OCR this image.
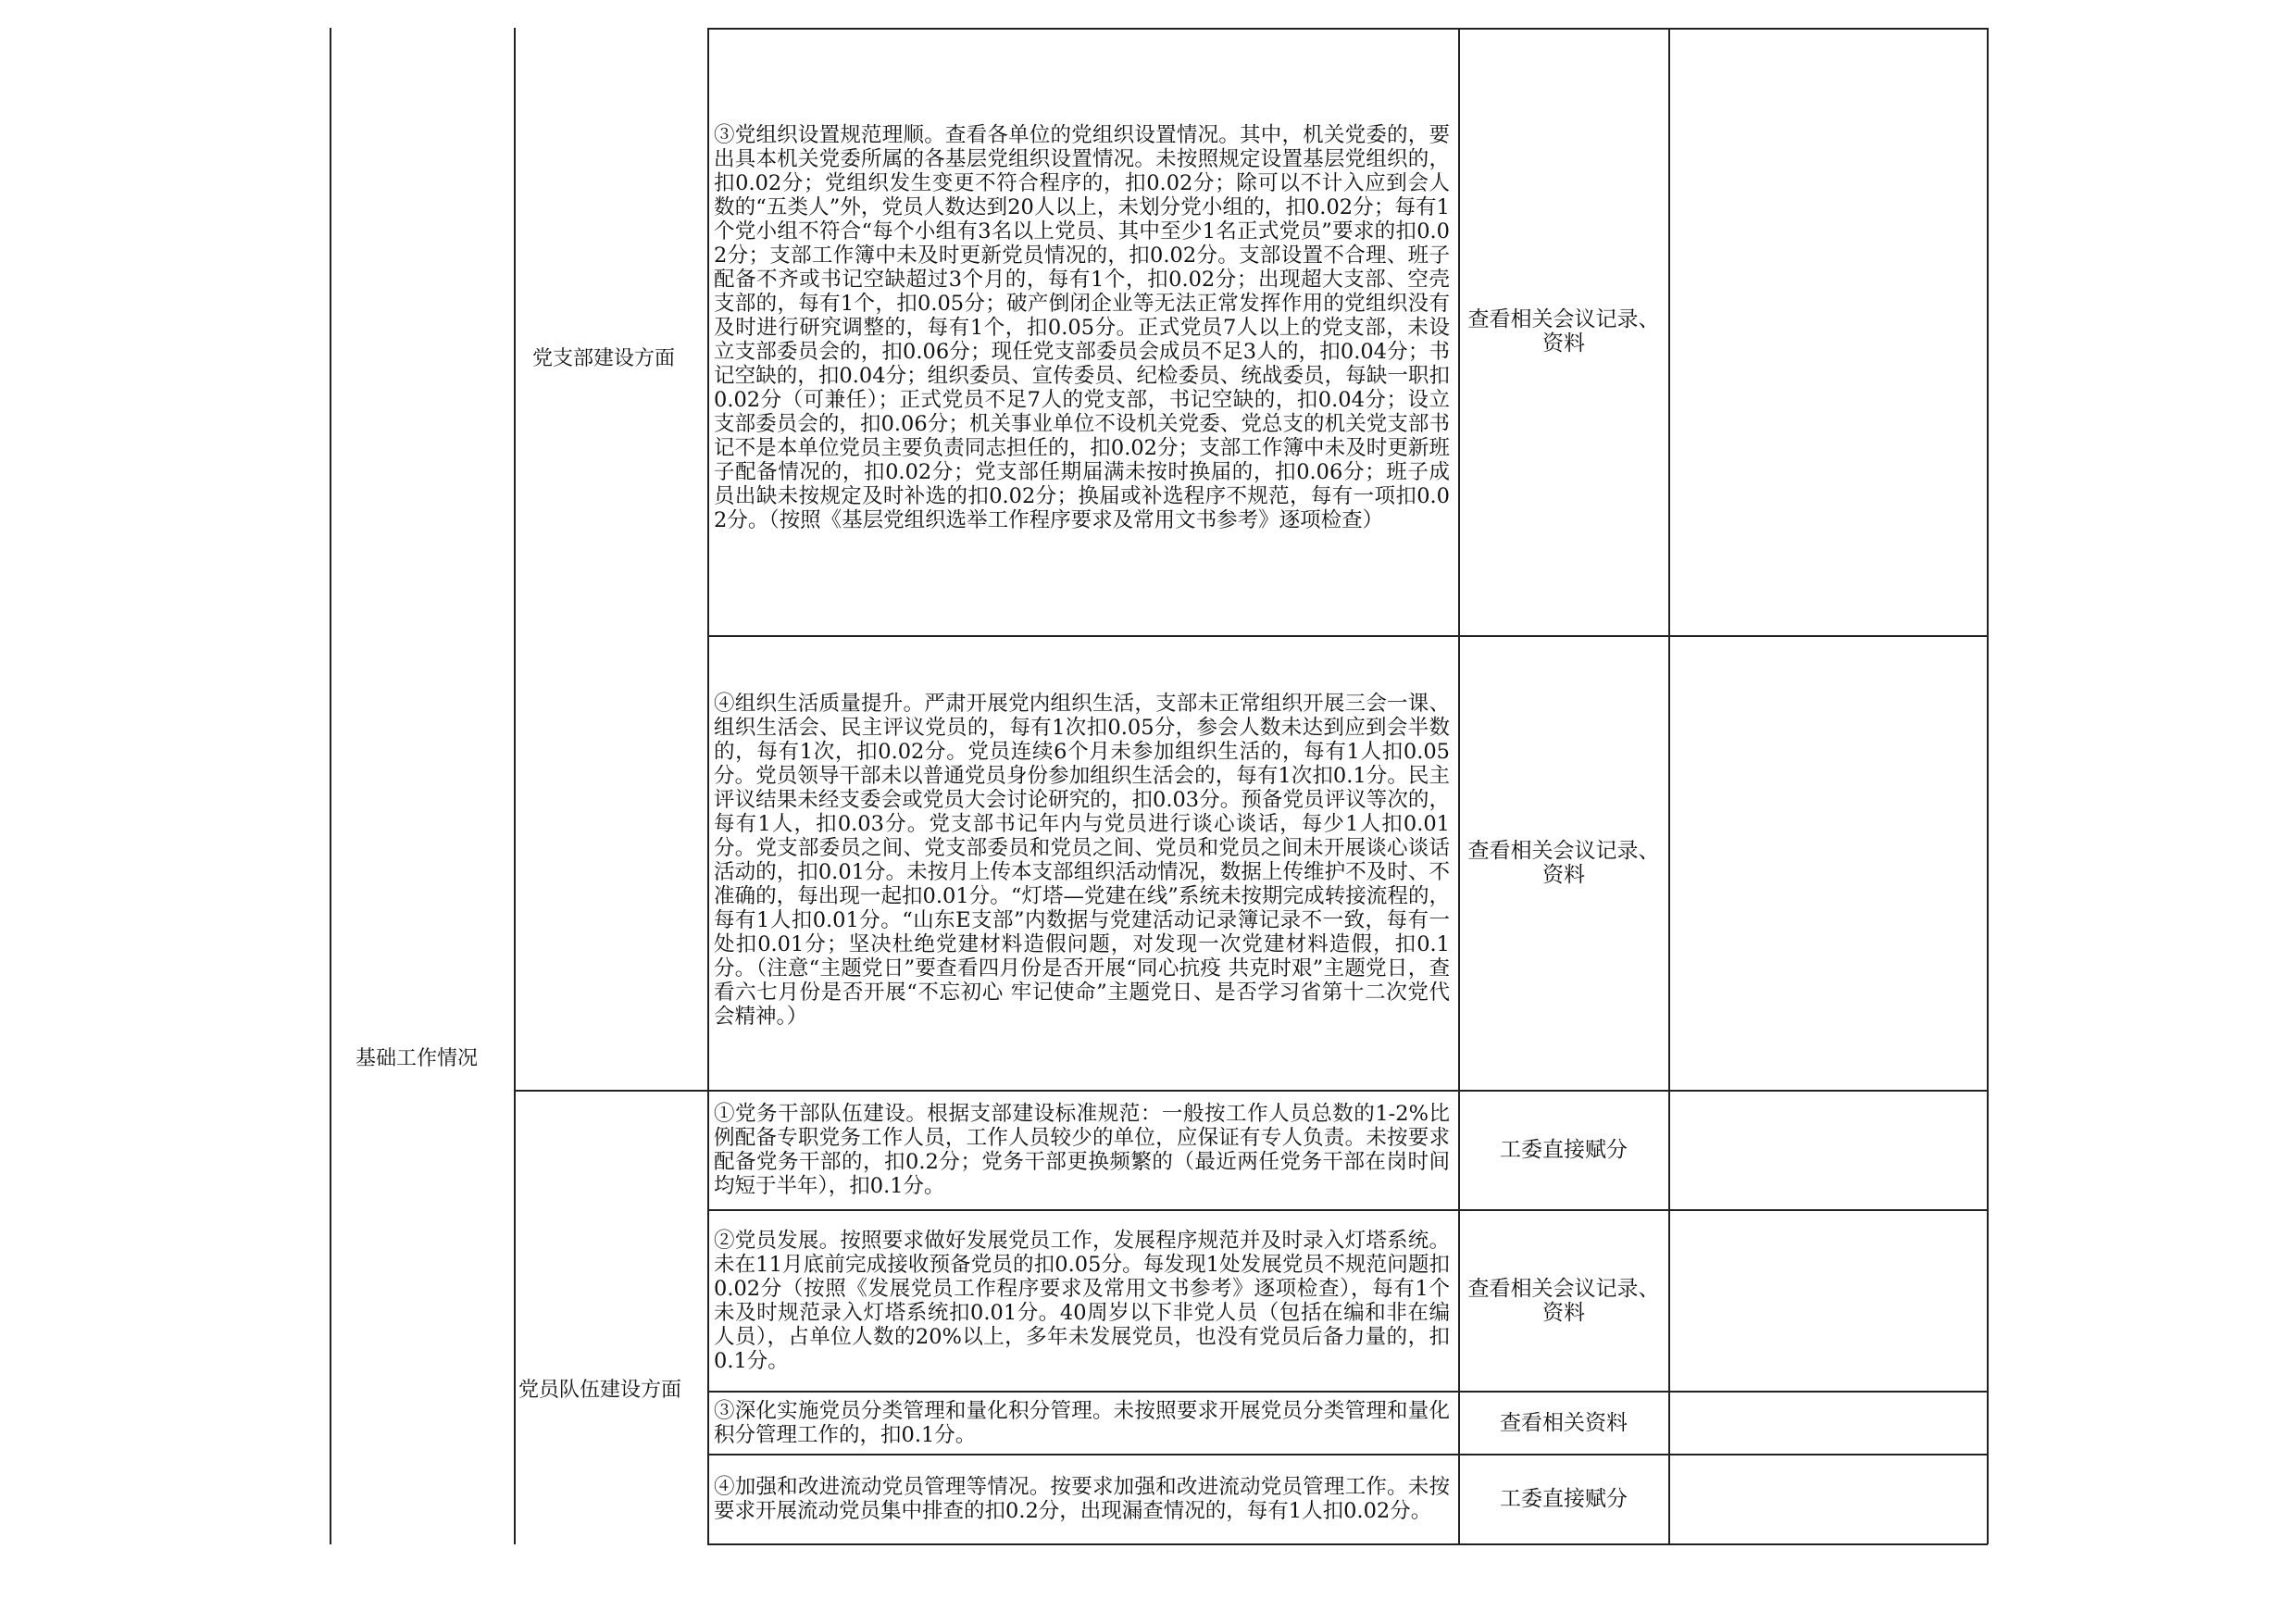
基础工作情况
党支部建设方面
党员队伍建设方面
③党组织设置规范理顺。查看各单位的党组织设置情况。其中，机关党委的，要出具本机关党委所属的各基层党组织设置情况。未按照规定设置基层党组织的，扣0.02分；党组织发生变更不符合程序的，扣0.02分；除可以不计入应到会人数的“五类人”外，党员人数达到20人以上，未划分党小组的，扣0.02分；每有1个党小组不符合“每个小组有3名以上党员、其中至少1名正式党员”要求的扣0.02分；支部工作簿中未及时更新党员情况的，扣0.02分。支部设置不合理、班子配备不齐或书记空缺超过3个月的，每有1个，扣0.02分；出现超大支部、空壳支部的，每有1个，扣0.05分；破产倒闭企业等无法正常发挥作用的党组织没有及时进行研究调整的，每有1个，扣0.05分。正式党员7人以上的党支部，未设立支部委员会的，扣0.06分；现任党支部委员会成员不足3人的，扣0.04分；书记空缺的，扣0.04分；组织委员、宣传委员、纪检委员、统战委员，每缺一职扣0.02分（可兼任）；正式党员不足7人的党支部，书记空缺的，扣0.04分；设立支部委员会的，扣0.06分；机关事业单位不设机关党委、党总支的机关党支部书记不是本单位党员主要负责同志担任的，扣0.02分；支部工作簿中未及时更新班子配备情况的，扣0.02分；党支部任期届满未按时换届的，扣0.06分；班子成员出缺未按规定及时补选的扣0.02分；换届或补选程序不规范，每有一项扣0.02分。（按照《基层党组织选举工作程序要求及常用文书参考》逐项检查）
查看相关会议记录、资料
④组织生活质量提升。严肃开展党内组织生活，支部未正常组织开展三会一课、组织生活会、民主评议党员的，每有1次扣0.05分，参会人数未达到应到会半数的，每有1次，扣0.02分。党员连续6个月未参加组织生活的，每有1人扣0.05分。党员领导干部未以普通党员身份参加组织生活会的，每有1次扣0.1分。民主评议结果未经支委会或党员大会讨论研究的，扣0.03分。预备党员评议等次的，每有1人，扣0.03分。党支部书记年内与党员进行谈心谈话，每少1人扣0.01分。党支部委员之间、党支部委员和党员之间、党员和党员之间未开展谈心谈话活动的，扣0.01分。未按月上传本支部组织活动情况，数据上传维护不及时、不准确的，每出现一起扣0.01分。“灯塔—党建在线”系统未按期完成转接流程的，每有1人扣0.01分。“山东E支部”内数据与党建活动记录簿记录不一致，每有一处扣0.01分；坚决杜绝党建材料造假问题，对发现一次党建材料造假，扣0.1分。（注意“主题党日”要查看四月份是否开展“同心抗疫 共克时艰”主题党日，查看六七月份是否开展“不忘初心 牢记使命”主题党日、是否学习省第十二次党代会精神。）
查看相关会议记录、资料
①党务干部队伍建设。根据支部建设标准规范：一般按工作人员总数的1-2%比例配备专职党务工作人员，工作人员较少的单位，应保证有专人负责。未按要求配备党务干部的，扣0.2分；党务干部更换频繁的（最近两任党务干部在岗时间均短于半年），扣0.1分。
工委直接赋分
②党员发展。按照要求做好发展党员工作，发展程序规范并及时录入灯塔系统。未在11月底前完成接收预备党员的扣0.05分。每发现1处发展党员不规范问题扣0.02分（按照《发展党员工作程序要求及常用文书参考》逐项检查），每有1个未及时规范录入灯塔系统扣0.01分。40周岁以下非党人员（包括在编和非在编人员），占单位人数的20%以上，多年未发展党员，也没有党员后备力量的，扣0.1分。
查看相关会议记录、资料
③深化实施党员分类管理和量化积分管理。未按照要求开展党员分类管理和量化积分管理工作的，扣0.1分。	查看相关资料
④加强和改进流动党员管理等情况。按要求加强和改进流动党员管理工作。未按要求开展流动党员集中排查的扣0.2分，出现漏查情况的，每有1人扣0.02分。	工委直接赋分
